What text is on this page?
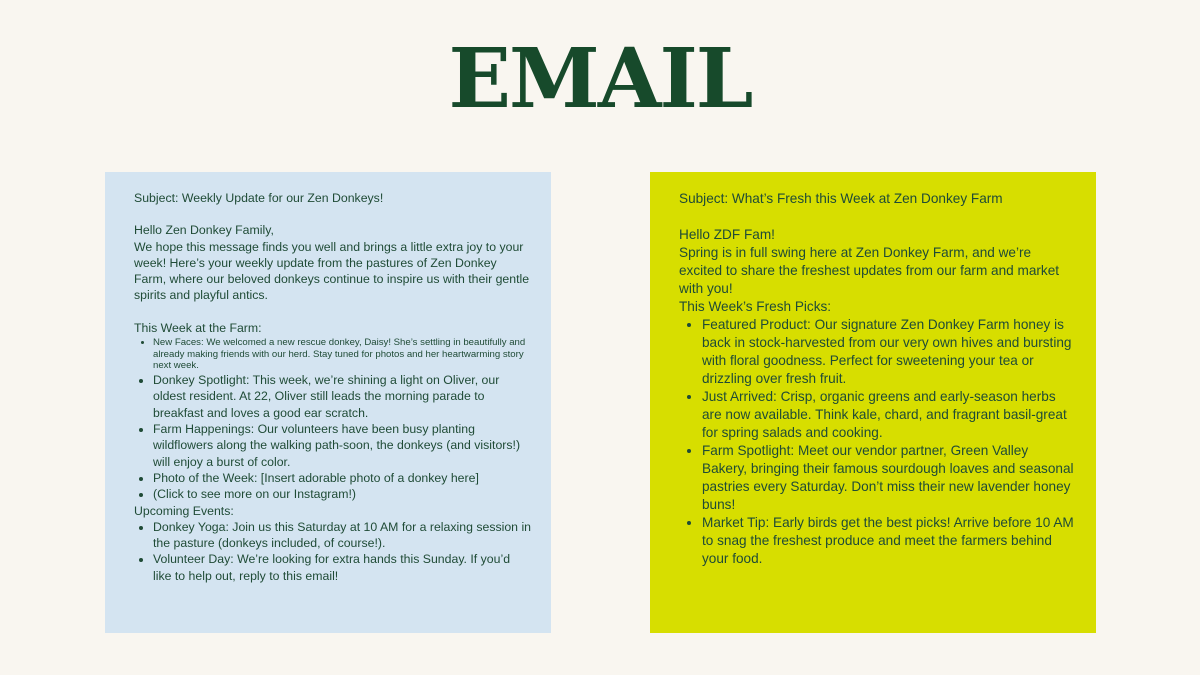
EMAIL
Subject: Weekly Update for our Zen Donkeys!
Hello Zen Donkey Family,
We hope this message finds you well and brings a little extra joy to your week! Here’s your weekly update from the pastures of Zen Donkey Farm, where our beloved donkeys continue to inspire us with their gentle spirits and playful antics.
This Week at the Farm:
• New Faces: We welcomed a new rescue donkey, Daisy! She’s settling in beautifully and already making friends with our herd. Stay tuned for photos and her heartwarming story next week.
• Donkey Spotlight: This week, we’re shining a light on Oliver, our oldest resident. At 22, Oliver still leads the morning parade to breakfast and loves a good ear scratch.
• Farm Happenings: Our volunteers have been busy planting wildflowers along the walking path-soon, the donkeys (and visitors!) will enjoy a burst of color.
• Photo of the Week: [Insert adorable photo of a donkey here]
• (Click to see more on our Instagram!)
Upcoming Events:
• Donkey Yoga: Join us this Saturday at 10 AM for a relaxing session in the pasture (donkeys included, of course!).
• Volunteer Day: We’re looking for extra hands this Sunday. If you’d like to help out, reply to this email!
Subject: What’s Fresh this Week at Zen Donkey Farm
Hello ZDF Fam!
Spring is in full swing here at Zen Donkey Farm, and we’re excited to share the freshest updates from our farm and market with you!
This Week’s Fresh Picks:
• Featured Product: Our signature Zen Donkey Farm honey is back in stock-harvested from our very own hives and bursting with floral goodness. Perfect for sweetening your tea or drizzling over fresh fruit.
• Just Arrived: Crisp, organic greens and early-season herbs are now available. Think kale, chard, and fragrant basil-great for spring salads and cooking.
• Farm Spotlight: Meet our vendor partner, Green Valley Bakery, bringing their famous sourdough loaves and seasonal pastries every Saturday. Don’t miss their new lavender honey buns!
• Market Tip: Early birds get the best picks! Arrive before 10 AM to snag the freshest produce and meet the farmers behind your food.
